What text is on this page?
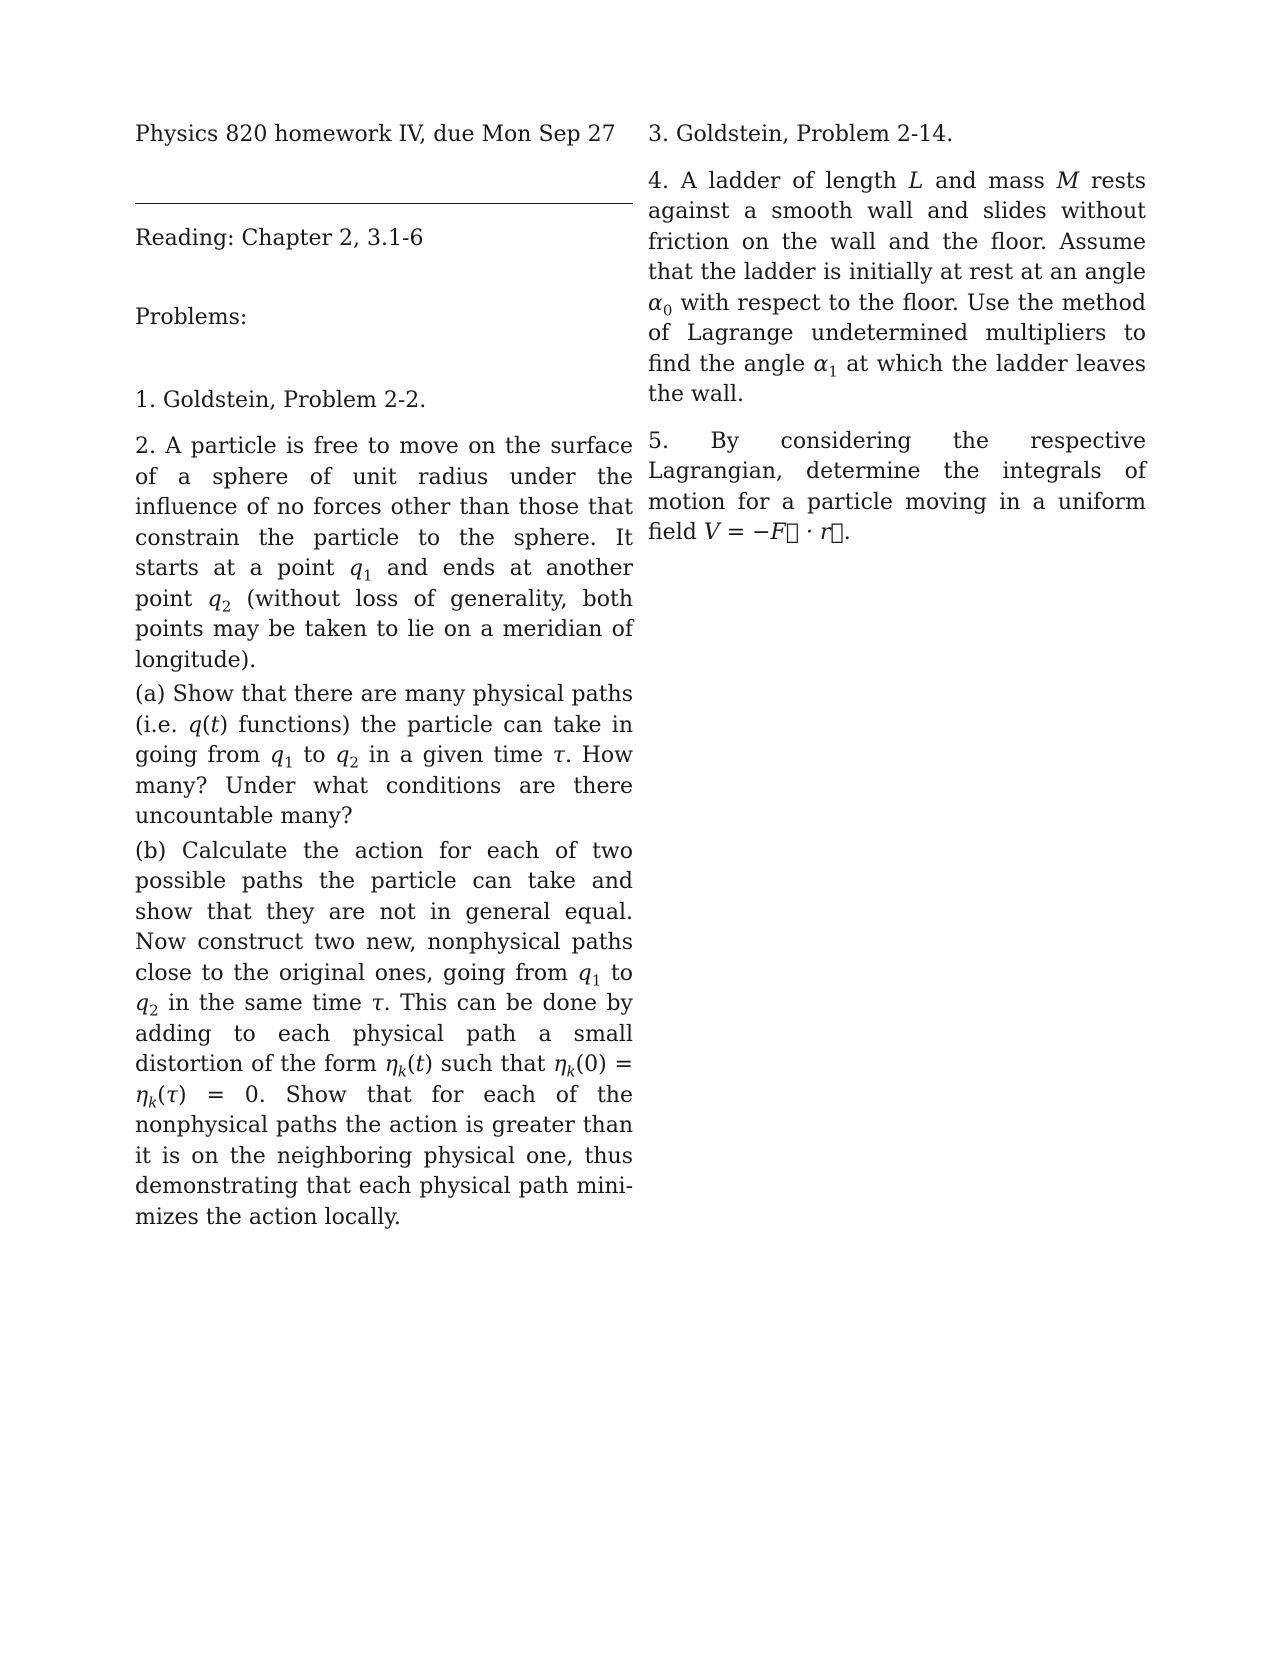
Physics 820 homework IV, due Mon Sep 27
Reading: Chapter 2, 3.1-6
Problems:

1. Goldstein, Problem 2-2.

2. A particle is free to move on the surface of a sphere of unit radius under the influence of no forces other than those that constrain the particle to the sphere. It starts at a point $q_1$ and ends at another point $q_2$ (without loss of generality, both points may be taken to lie on a meridian of longitude).

(a) Show that there are many physical paths (i.e. q(t) functions) the particle can take in going from $q_1$ to $q_2$ in a given time τ. How many? Under what conditions are there uncountable many?

(b) Calculate the action for each of two possible paths the particle can take and show that they are not in general equal. Now construct two new, nonphysical paths close to the original ones, going from $q_1$ to $q_2$ in the same time τ. This can be done by adding to each physical path a small distortion of the form $\eta_k(t)$ such that $\eta_k(0) = \eta_k(\tau) = 0$. Show that for each of the nonphysical paths the action is greater than it is on the neighboring physical one, thus demonstrating that each physical path minimizes the action locally.

3. Goldstein, Problem 2-14.

4. A ladder of length L and mass M rests against a smooth wall and slides without friction on the wall and the floor. Assume that the ladder is initially at rest at an angle $\alpha_0$ with respect to the floor. Use the method of Lagrange undetermined multipliers to find the angle $\alpha_1$ at which the ladder leaves the wall.

5. By considering the respective Lagrangian, determine the integrals of motion for a particle moving in a uniform field V = −F⃗ · r⃗.
